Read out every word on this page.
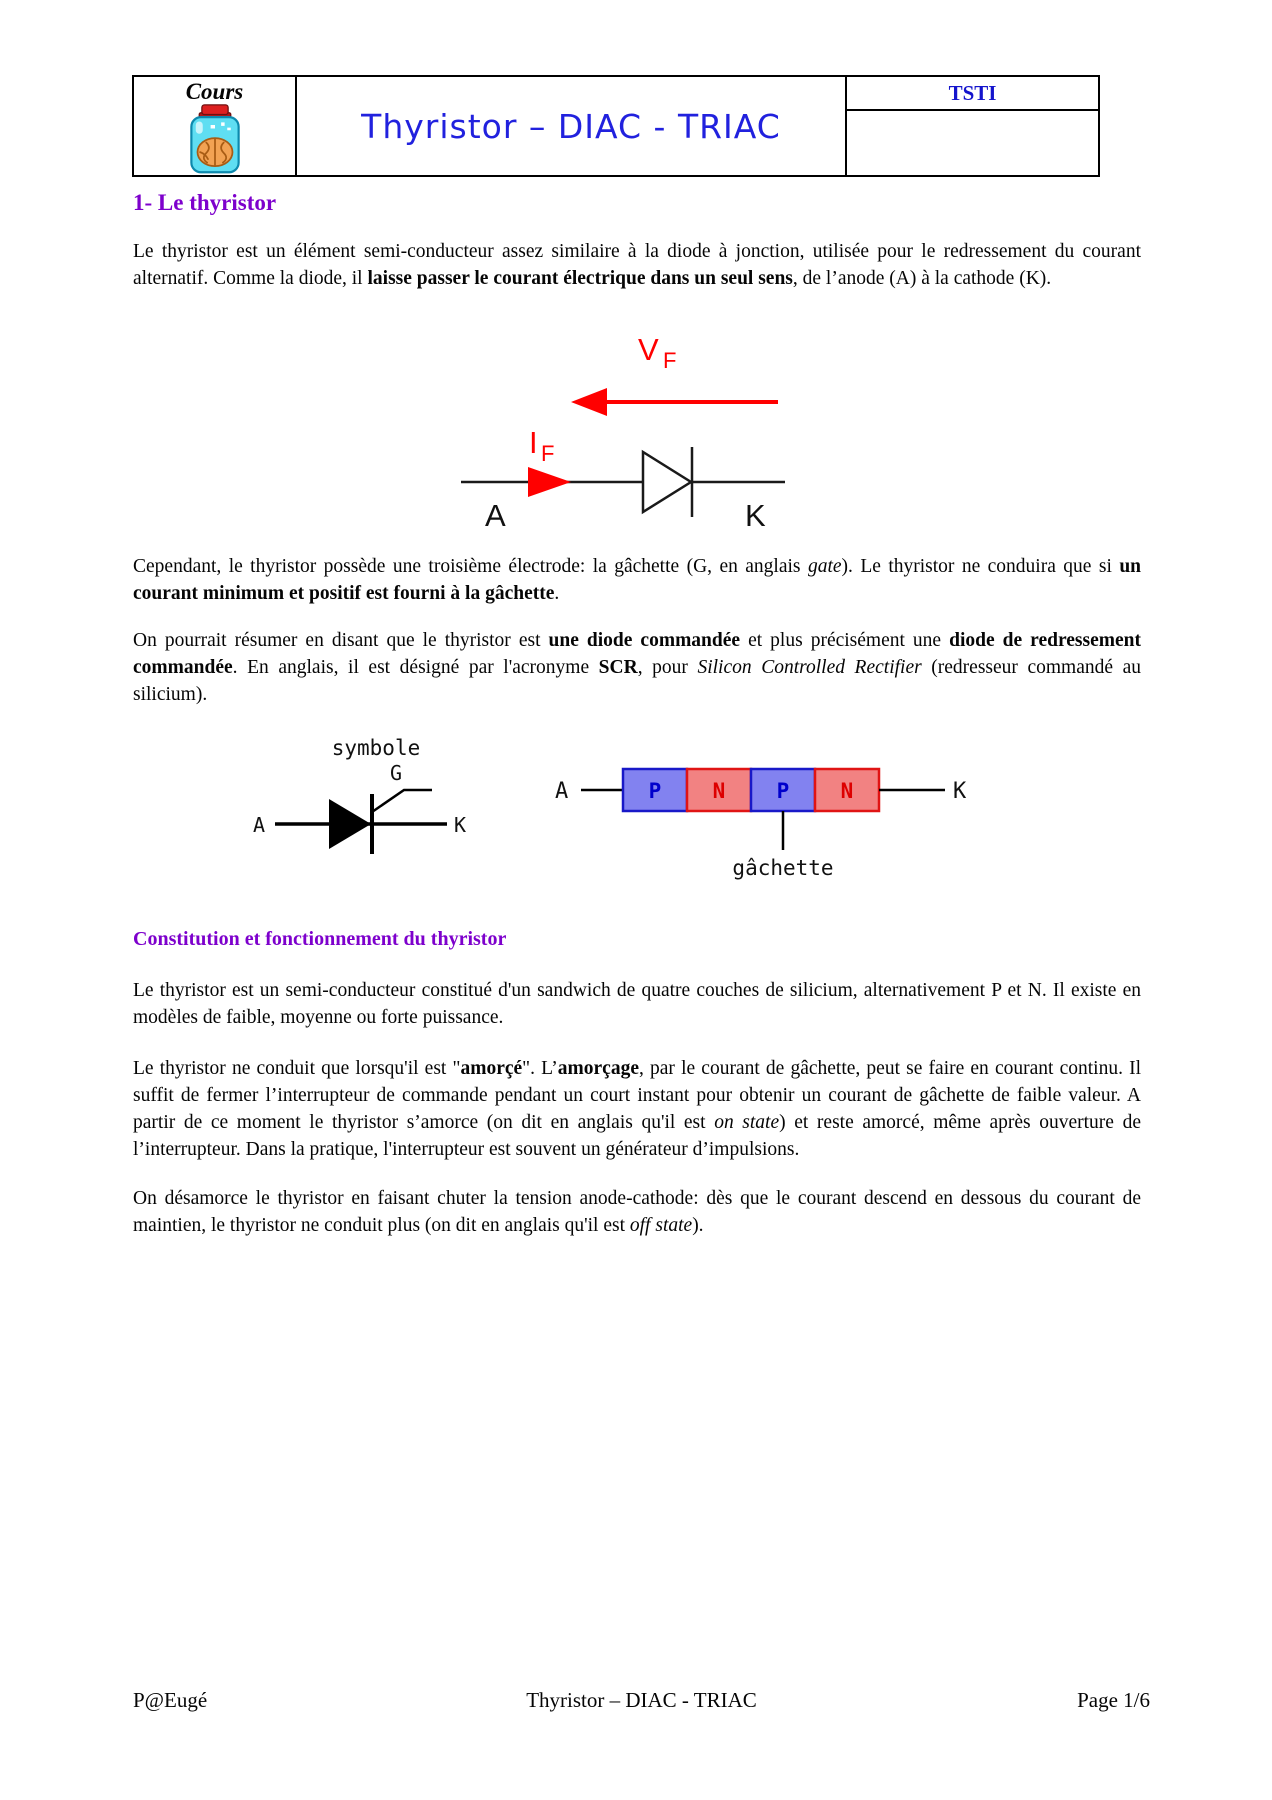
Cours
Thyristor – DIAC - TRIAC
TSTI
1- Le thyristor

Le thyristor est un élément semi-conducteur assez similaire à la diode à jonction, utilisée pour le redressement du courant alternatif. Comme la diode, il laisse passer le courant électrique dans un seul sens, de l’anode (A) à la cathode (K).

V F
I F
A	K

Cependant, le thyristor possède une troisième électrode: la gâchette (G, en anglais gate). Le thyristor ne conduira que si un courant minimum et positif est fourni à la gâchette.

On pourrait résumer en disant que le thyristor est une diode commandée et plus précisément une diode de redressement commandée. En anglais, il est désigné par l'acronyme SCR, pour Silicon Controlled Rectifier (redresseur commandé au silicium).

symbole
A
G
K
A	P N P N	K
gâchette
Constitution et fonctionnement du thyristor

Le thyristor est un semi-conducteur constitué d'un sandwich de quatre couches de silicium, alternativement P et N. Il existe en modèles de faible, moyenne ou forte puissance.

Le thyristor ne conduit que lorsqu'il est "amorçé". L’amorçage, par le courant de gâchette, peut se faire en courant continu. Il suffit de fermer l’interrupteur de commande pendant un court instant pour obtenir un courant de gâchette de faible valeur. A partir de ce moment le thyristor s’amorce (on dit en anglais qu'il est on state) et reste amorcé, même après ouverture de l’interrupteur. Dans la pratique, l'interrupteur est souvent un générateur d’impulsions.

On désamorce le thyristor en faisant chuter la tension anode-cathode: dès que le courant descend en dessous du courant de maintien, le thyristor ne conduit plus (on dit en anglais qu'il est off state).

P@Eugé	Thyristor – DIAC - TRIAC	Page 1/6
